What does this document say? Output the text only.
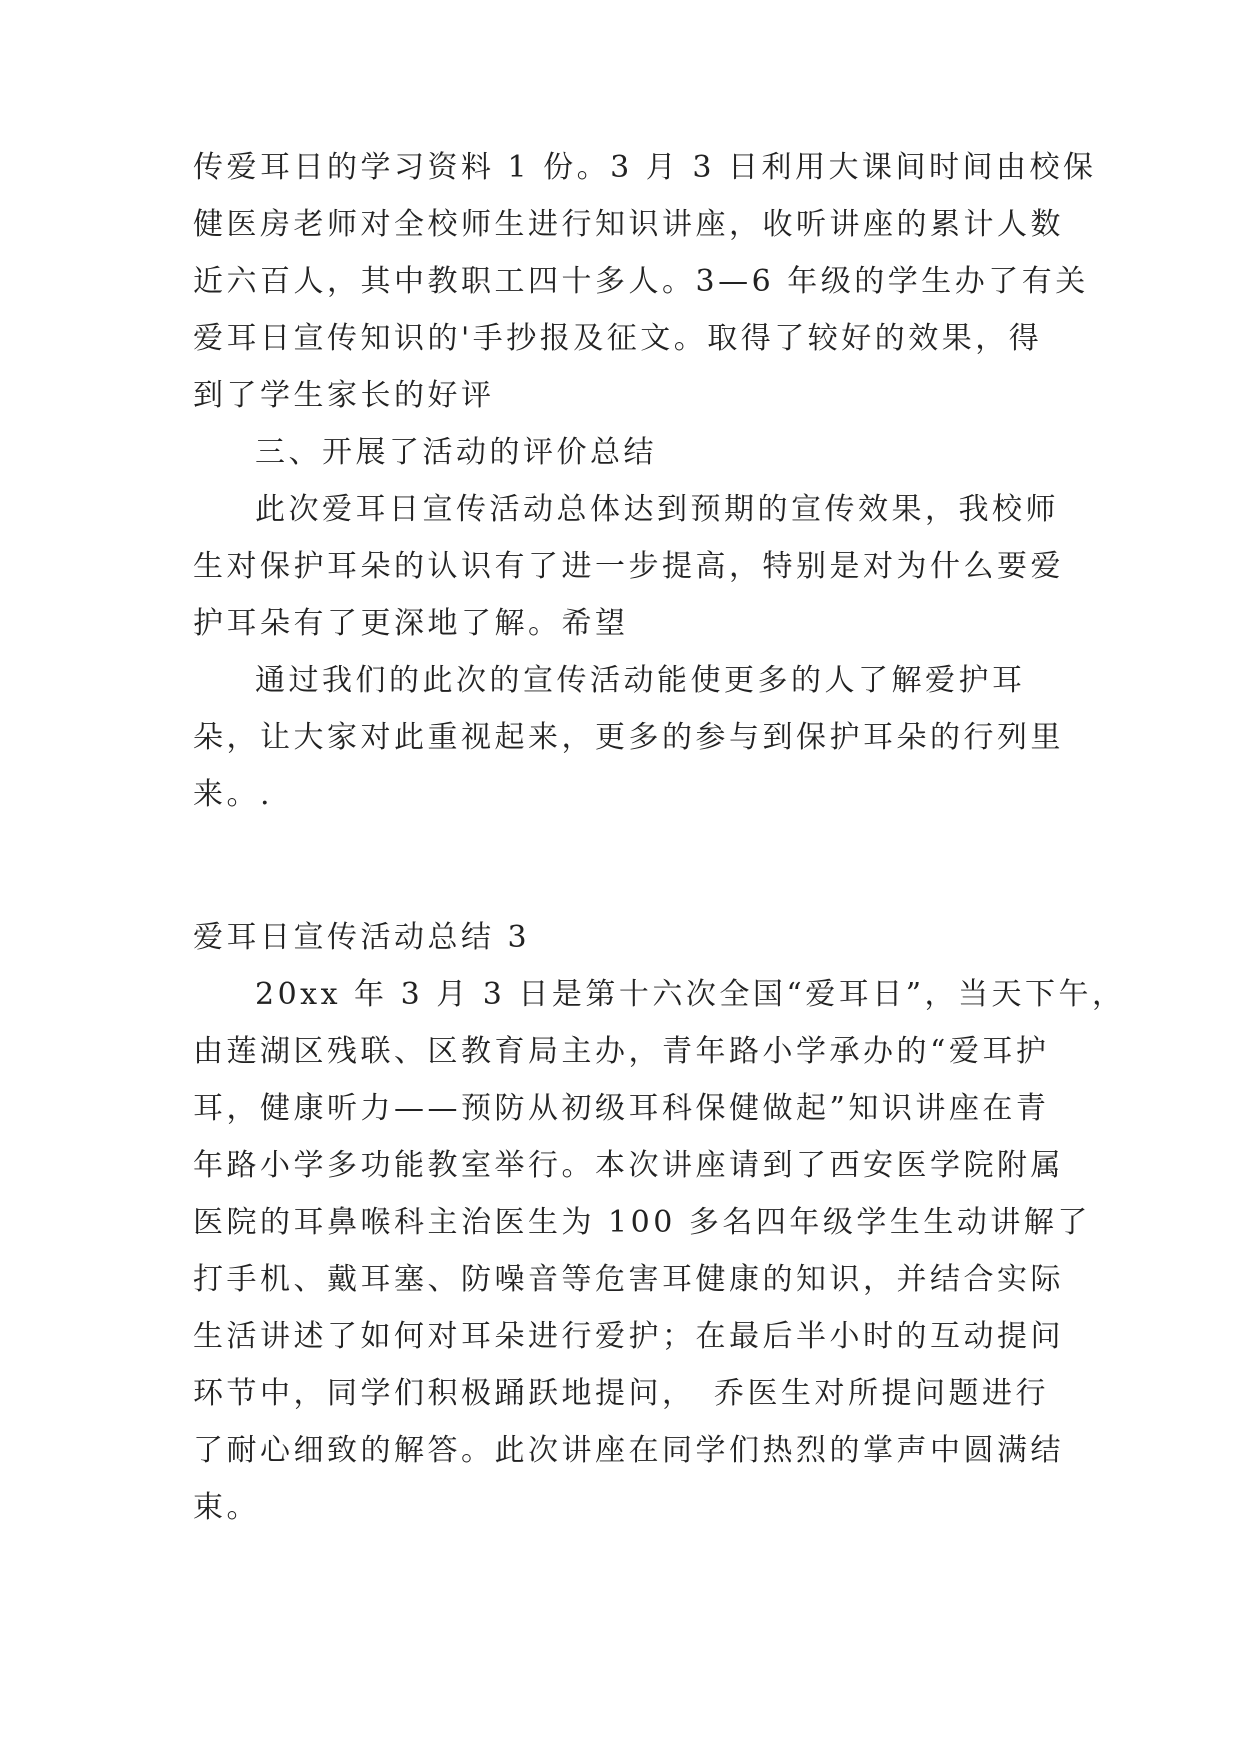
传爱耳日的学习资料 1 份。3 月 3 日利用大课间时间由校保
健医房老师对全校师生进行知识讲座，收听讲座的累计人数
近六百人，其中教职工四十多人。3—6 年级的学生办了有关
爱耳日宣传知识的'手抄报及征文。取得了较好的效果，得
到了学生家长的好评
三、开展了活动的评价总结
此次爱耳日宣传活动总体达到预期的宣传效果，我校师
生对保护耳朵的认识有了进一步提高，特别是对为什么要爱
护耳朵有了更深地了解。希望
通过我们的此次的宣传活动能使更多的人了解爱护耳
朵，让大家对此重视起来，更多的参与到保护耳朵的行列里
来。.
爱耳日宣传活动总结 3
20xx 年 3 月 3 日是第十六次全国“爱耳日”，当天下午，
由莲湖区残联、区教育局主办，青年路小学承办的“爱耳护
耳，健康听力——预防从初级耳科保健做起”知识讲座在青
年路小学多功能教室举行。本次讲座请到了西安医学院附属
医院的耳鼻喉科主治医生为 100 多名四年级学生生动讲解了
打手机、戴耳塞、防噪音等危害耳健康的知识，并结合实际
生活讲述了如何对耳朵进行爱护；在最后半小时的互动提问
环节中，同学们积极踊跃地提问，　乔医生对所提问题进行
了耐心细致的解答。此次讲座在同学们热烈的掌声中圆满结
束。
